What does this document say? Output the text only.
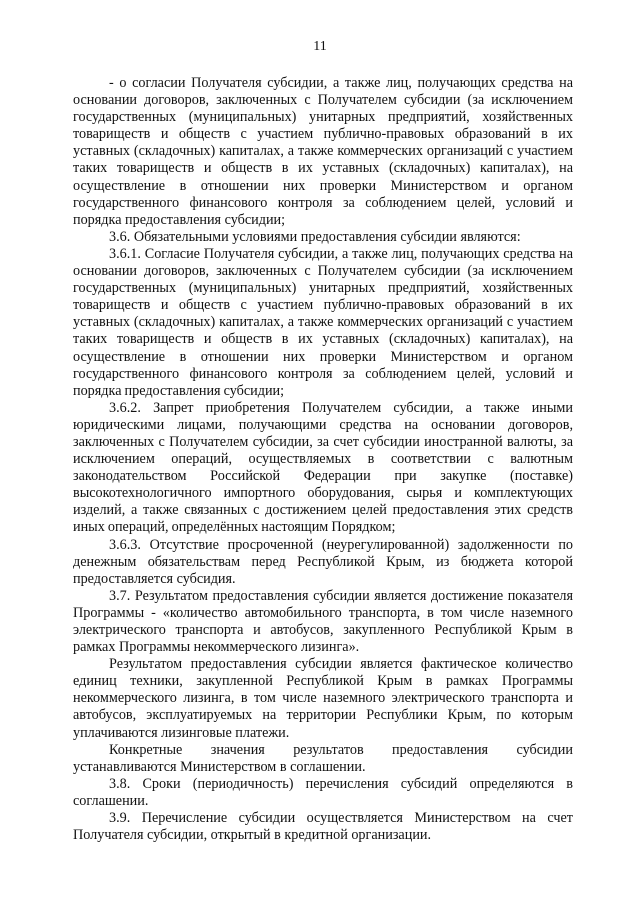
11

- о согласии Получателя субсидии, а также лиц, получающих средства на основании договоров, заключенных с Получателем субсидии (за исключением государственных (муниципальных) унитарных предприятий, хозяйственных товариществ и обществ с участием публично-правовых образований в их уставных (складочных) капиталах, а также коммерческих организаций с участием таких товариществ и обществ в их уставных (складочных) капиталах), на осуществление в отношении них проверки Министерством и органом государственного финансового контроля за соблюдением целей, условий и порядка предоставления субсидии;

3.6. Обязательными условиями предоставления субсидии являются:

3.6.1. Согласие Получателя субсидии, а также лиц, получающих средства на основании договоров, заключенных с Получателем субсидии (за исключением государственных (муниципальных) унитарных предприятий, хозяйственных товариществ и обществ с участием публично-правовых образований в их уставных (складочных) капиталах, а также коммерческих организаций с участием таких товариществ и обществ в их уставных (складочных) капиталах), на осуществление в отношении них проверки Министерством и органом государственного финансового контроля за соблюдением целей, условий и порядка предоставления субсидии;

3.6.2. Запрет приобретения Получателем субсидии, а также иными юридическими лицами, получающими средства на основании договоров, заключенных с Получателем субсидии, за счет субсидии иностранной валюты, за исключением операций, осуществляемых в соответствии с валютным законодательством Российской Федерации при закупке (поставке) высокотехнологичного импортного оборудования, сырья и комплектующих изделий, а также связанных с достижением целей предоставления этих средств иных операций, определённых настоящим Порядком;

3.6.3. Отсутствие просроченной (неурегулированной) задолженности по денежным обязательствам перед Республикой Крым, из бюджета которой предоставляется субсидия.

3.7. Результатом предоставления субсидии является достижение показателя Программы - «количество автомобильного транспорта, в том числе наземного электрического транспорта и автобусов, закупленного Республикой Крым в рамках Программы некоммерческого лизинга».

Результатом предоставления субсидии является фактическое количество единиц техники, закупленной Республикой Крым в рамках Программы некоммерческого лизинга, в том числе наземного электрического транспорта и автобусов, эксплуатируемых на территории Республики Крым, по которым уплачиваются лизинговые платежи.

Конкретные значения результатов предоставления субсидии устанавливаются Министерством в соглашении.

3.8. Сроки (периодичность) перечисления субсидий определяются в соглашении.

3.9. Перечисление субсидии осуществляется Министерством на счет Получателя субсидии, открытый в кредитной организации.
